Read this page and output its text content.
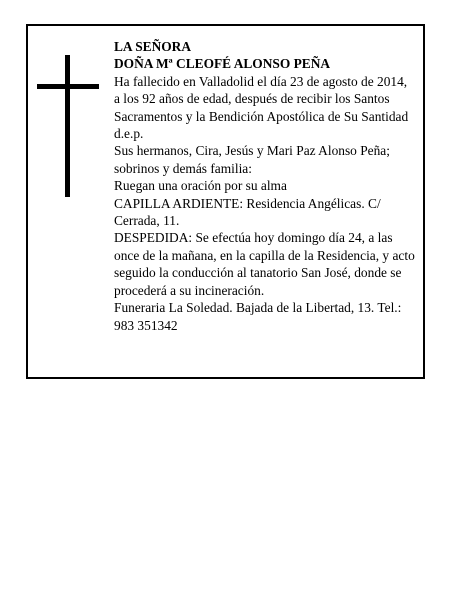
LA SEÑORA

DOÑA Mª CLEOFÉ ALONSO PEÑA

Ha fallecido en Valladolid el día 23 de agosto de 2014, a los 92 años de edad, después de recibir los Santos Sacramentos y la Bendición Apostólica de Su Santidad

d.e.p.

Sus hermanos, Cira, Jesús y Mari Paz Alonso Peña; sobrinos y demás familia:

Ruegan una oración por su alma

CAPILLA ARDIENTE: Residencia Angélicas. C/ Cerrada, 11.

DESPEDIDA: Se efectúa hoy domingo día 24, a las once de la mañana, en la capilla de la Residencia, y acto seguido la conducción al tanatorio San José, donde se procederá a su incineración.

Funeraria La Soledad. Bajada de la Libertad, 13. Tel.: 983 351342
